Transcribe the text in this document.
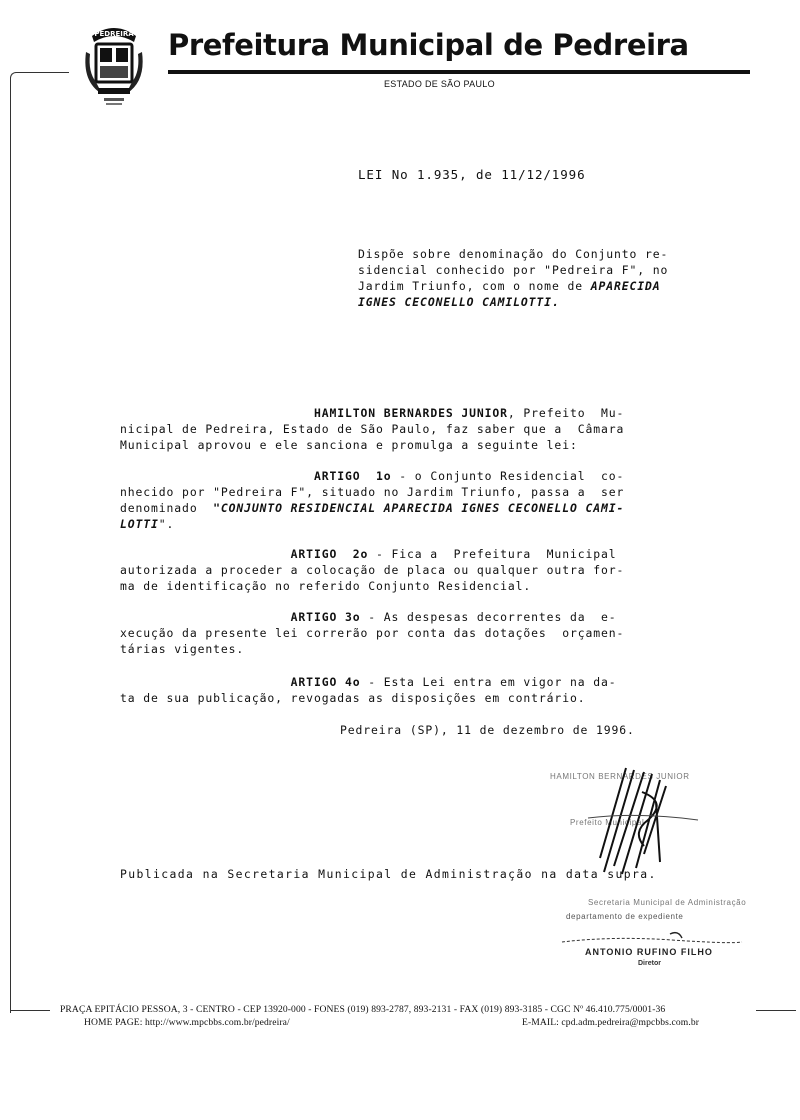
PEDREIRA Prefeitura Municipal de Pedreira
ESTADO DE SÃO PAULO
LEI No 1.935, de 11/12/1996
Dispõe sobre denominação do Conjunto re-
sidencial conhecido por "Pedreira F", no
Jardim Triunfo, com o nome de APARECIDA
IGNES CECONELLO CAMILOTTI.
HAMILTON BERNARDES JUNIOR, Prefeito  Mu-
nicipal de Pedreira, Estado de São Paulo, faz saber que a  Câmara
Municipal aprovou e ele sanciona e promulga a seguinte lei:
ARTIGO  1o - o Conjunto Residencial  co-
nhecido por "Pedreira F", situado no Jardim Triunfo, passa a  ser
denominado  "CONJUNTO RESIDENCIAL APARECIDA IGNES CECONELLO CAMI-
LOTTI".
ARTIGO  2o - Fica a  Prefeitura  Municipal
autorizada a proceder a colocação de placa ou qualquer outra for-
ma de identificação no referido Conjunto Residencial.
ARTIGO 3o - As despesas decorrentes da  e-
xecução da presente lei correrão por conta das dotações  orçamen-
tárias vigentes.
ARTIGO 4o - Esta Lei entra em vigor na da-
ta de sua publicação, revogadas as disposições em contrário.
Pedreira (SP), 11 de dezembro de 1996.
HAMILTON BERNARDES JUNIOR
Prefeito Municipal
Publicada na Secretaria Municipal de Administração na data supra.
Secretaria Municipal de Administração
departamento de expediente
ANTONIO RUFINO FILHO
Diretor
PRAÇA EPITÁCIO PESSOA, 3 - CENTRO - CEP 13920-000 - FONES (019) 893-2787, 893-2131 - FAX (019) 893-3185 - CGC Nº 46.410.775/0001-36
HOME PAGE: http://www.mpcbbs.com.br/pedreira/	E-MAIL: cpd.adm.pedreira@mpcbbs.com.br
